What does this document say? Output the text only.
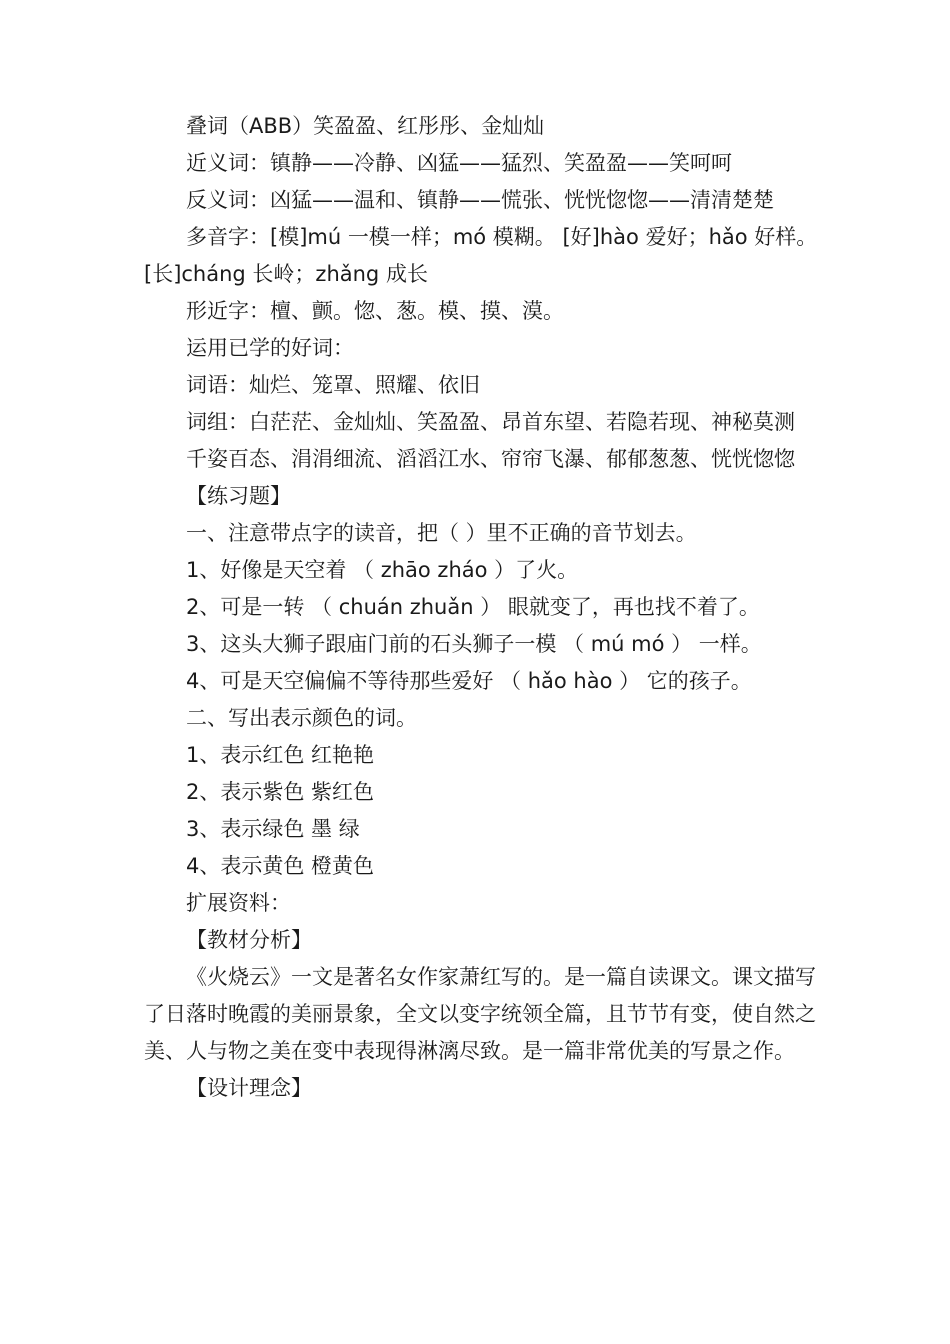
叠词（ABB）笑盈盈、红彤彤、金灿灿

近义词：镇静——冷静、凶猛——猛烈、笑盈盈——笑呵呵

反义词：凶猛——温和、镇静——慌张、恍恍惚惚——清清楚楚

多音字：[模]mú 一模一样；mó 模糊。 [好]hào 爱好；hǎo 好样。[长]cháng 长岭；zhǎng 成长

形近字：檀、颤。惚、葱。模、摸、漠。

运用已学的好词：

词语：灿烂、笼罩、照耀、依旧

词组：白茫茫、金灿灿、笑盈盈、昂首东望、若隐若现、神秘莫测

千姿百态、涓涓细流、滔滔江水、帘帘飞瀑、郁郁葱葱、恍恍惚惚

【练习题】

一、注意带点字的读音，把（ ）里不正确的音节划去。

1、好像是天空着 （ zhāo zháo ）了火。

2、可是一转 （ chuán zhuǎn ） 眼就变了，再也找不着了。

3、这头大狮子跟庙门前的石头狮子一模 （ mú mó ） 一样。

4、可是天空偏偏不等待那些爱好 （ hǎo hào ） 它的孩子。

二、写出表示颜色的词。

1、表示红色 红艳艳

2、表示紫色 紫红色

3、表示绿色 墨 绿

4、表示黄色 橙黄色

扩展资料：

【教材分析】

《火烧云》一文是著名女作家萧红写的。是一篇自读课文。课文描写了日落时晚霞的美丽景象，全文以变字统领全篇，且节节有变，使自然之美、人与物之美在变中表现得淋漓尽致。是一篇非常优美的写景之作。

【设计理念】
